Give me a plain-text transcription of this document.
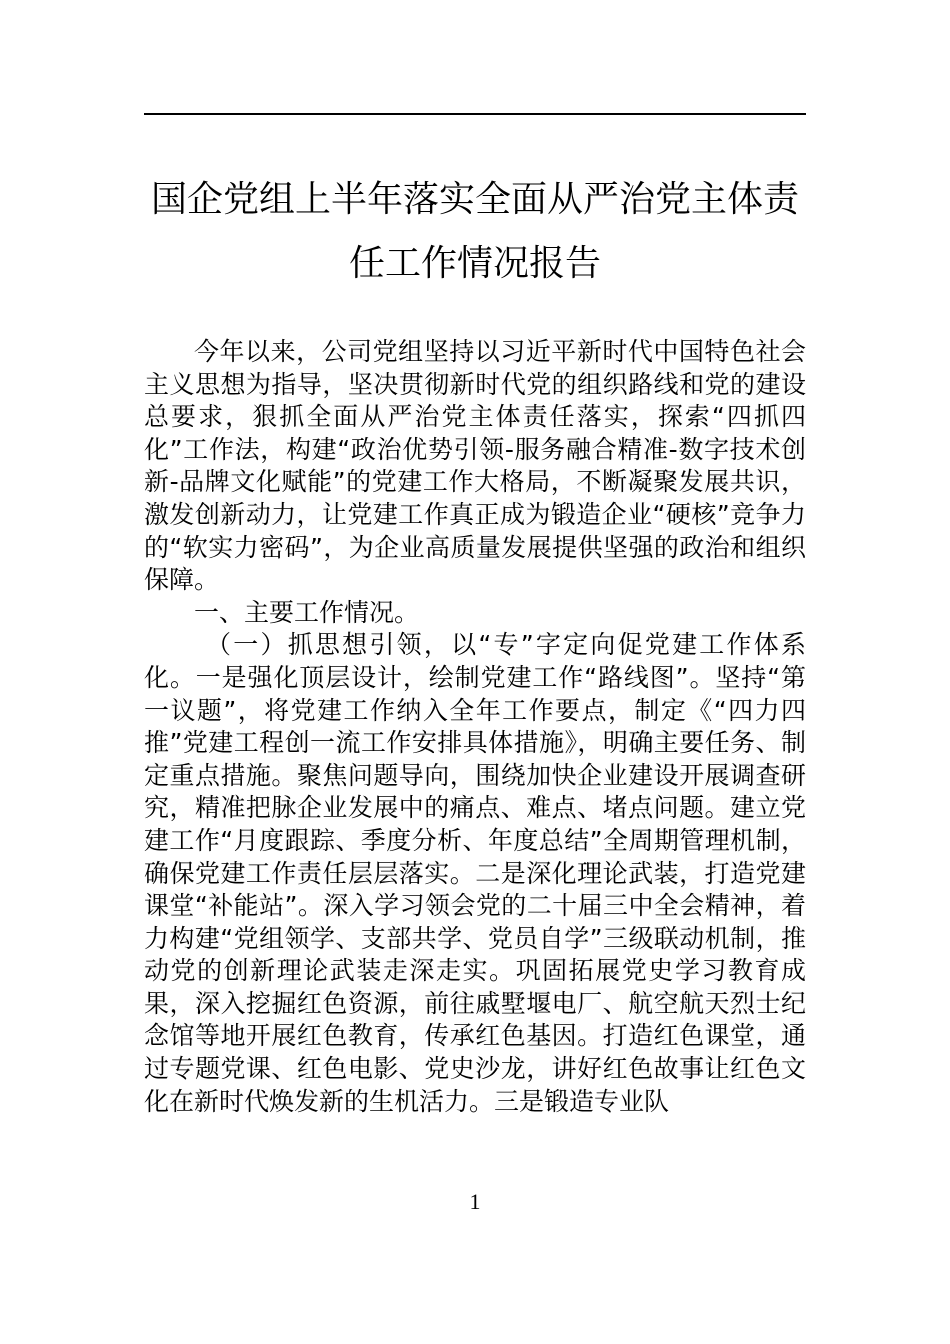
国企党组上半年落实全面从严治党主体责
任工作情况报告

今年以来，公司党组坚持以习近平新时代中国特色社会主义思想为指导，坚决贯彻新时代党的组织路线和党的建设总要求，狠抓全面从严治党主体责任落实，探索“四抓四化”工作法，构建“政治优势引领-服务融合精准-数字技术创新-品牌文化赋能”的党建工作大格局，不断凝聚发展共识，激发创新动力，让党建工作真正成为锻造企业“硬核”竞争力的“软实力密码”，为企业高质量发展提供坚强的政治和组织保障。

一、主要工作情况。

（一）抓思想引领，以“专”字定向促党建工作体系化。一是强化顶层设计，绘制党建工作“路线图”。坚持“第一议题”，将党建工作纳入全年工作要点，制定《“四力四推”党建工程创一流工作安排具体措施》，明确主要任务、制定重点措施。聚焦问题导向，围绕加快企业建设开展调查研究，精准把脉企业发展中的痛点、难点、堵点问题。建立党建工作“月度跟踪、季度分析、年度总结”全周期管理机制，确保党建工作责任层层落实。二是深化理论武装，打造党建课堂“补能站”。深入学习领会党的二十届三中全会精神，着力构建“党组领学、支部共学、党员自学”三级联动机制，推动党的创新理论武装走深走实。巩固拓展党史学习教育成果，深入挖掘红色资源，前往戚墅堰电厂、航空航天烈士纪念馆等地开展红色教育，传承红色基因。打造红色课堂，通过专题党课、红色电影、党史沙龙，讲好红色故事让红色文化在新时代焕发新的生机活力。三是锻造专业队

1
